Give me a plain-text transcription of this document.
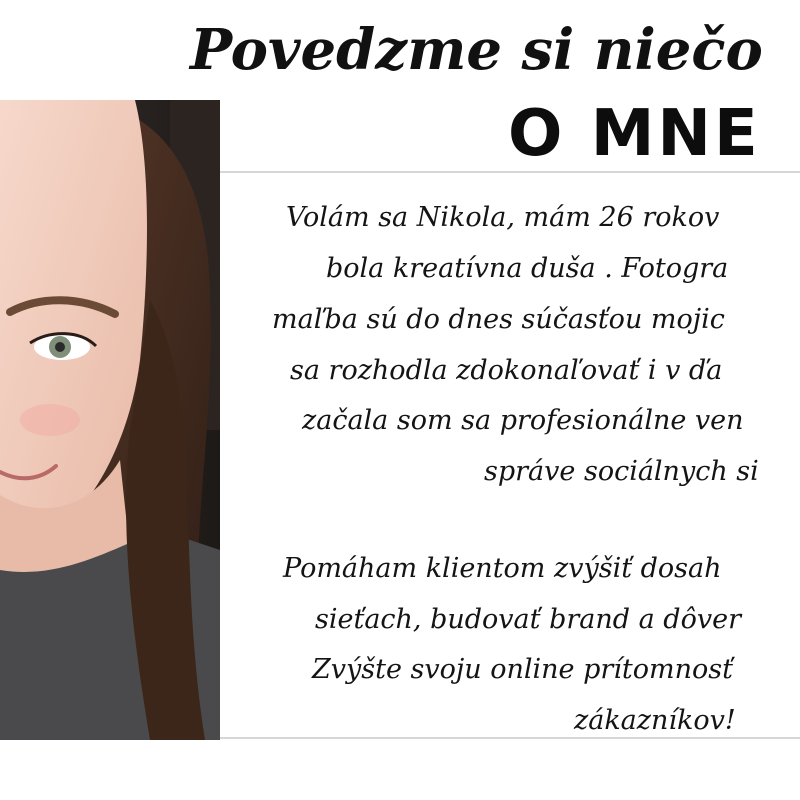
Povedzme si niečo
O MNE
Volám sa Nikola, mám 26 rokov
bola kreatívna duša . Fotogra
maľba sú do dnes súčasťou mojic
sa rozhodla zdokonaľovať i v ďa
začala som sa profesionálne ven
správe sociálnych si
Pomáham klientom zvýšiť dosah
sieťach, budovať brand a dôver
Zvýšte svoju online prítomnosť
zákazníkov!
